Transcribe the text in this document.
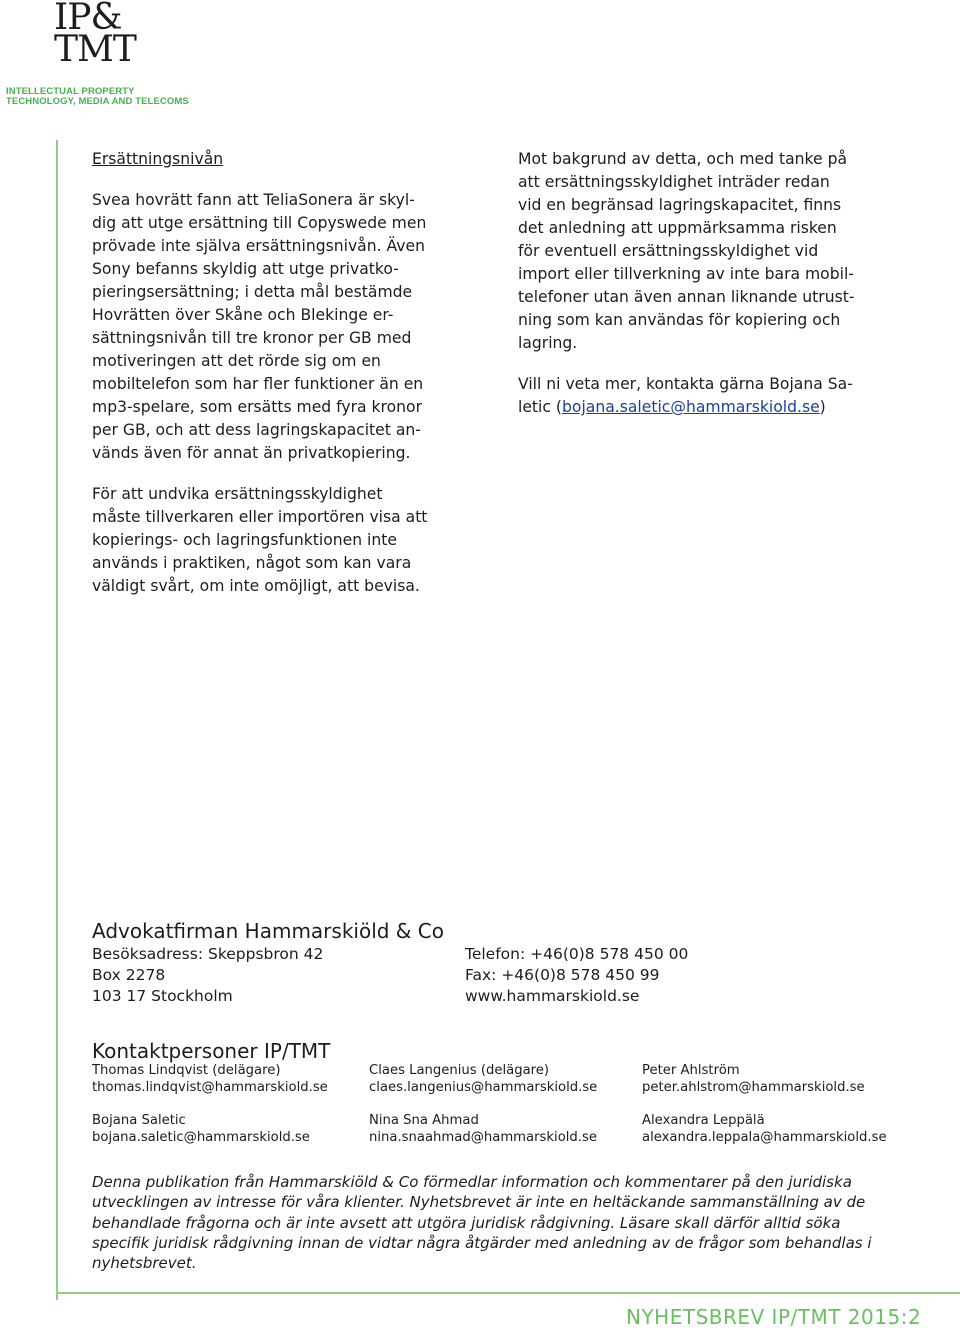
IP&
TMT
INTELLECTUAL PROPERTY
TECHNOLOGY, MEDIA AND TELECOMS

Ersättningsnivån

Svea hovrätt fann att TeliaSonera är skyl-

dig att utge ersättning till Copyswede men

prövade inte själva ersättningsnivån. Även

Sony befanns skyldig att utge privatko-

pieringsersättning; i detta mål bestämde

Hovrätten över Skåne och Blekinge er-

sättningsnivån till tre kronor per GB med

motiveringen att det rörde sig om en

mobiltelefon som har fler funktioner än en

mp3-spelare, som ersätts med fyra kronor

per GB, och att dess lagringskapacitet an-

vänds även för annat än privatkopiering.

För att undvika ersättningsskyldighet

måste tillverkaren eller importören visa att

kopierings- och lagringsfunktionen inte

används i praktiken, något som kan vara

väldigt svårt, om inte omöjligt, att bevisa.

Mot bakgrund av detta, och med tanke på

att ersättningsskyldighet inträder redan

vid en begränsad lagringskapacitet, finns

det anledning att uppmärksamma risken

för eventuell ersättningsskyldighet vid

import eller tillverkning av inte bara mobil-

telefoner utan även annan liknande utrust-

ning som kan användas för kopiering och

lagring.

Vill ni veta mer, kontakta gärna Bojana Sa-

letic (bojana.saletic@hammarskiold.se)

Advokatfirman Hammarskiöld & Co
Besöksadress: Skeppsbron 42
Box 2278
103 17 Stockholm
Telefon: +46(0)8 578 450 00
Fax: +46(0)8 578 450 99
www.hammarskiold.se
Kontaktpersoner IP/TMT
Thomas Lindqvist (delägare)
thomas.lindqvist@hammarskiold.se
Claes Langenius (delägare)
claes.langenius@hammarskiold.se
Peter Ahlström
peter.ahlstrom@hammarskiold.se
Bojana Saletic
bojana.saletic@hammarskiold.se
Nina Sna Ahmad
nina.snaahmad@hammarskiold.se
Alexandra Leppälä
alexandra.leppala@hammarskiold.se
Denna publikation från Hammarskiöld & Co förmedlar information och kommentarer på den juridiska
utvecklingen av intresse för våra klienter. Nyhetsbrevet är inte en heltäckande sammanställning av de
behandlade frågorna och är inte avsett att utgöra juridisk rådgivning. Läsare skall därför alltid söka
specifik juridisk rådgivning innan de vidtar några åtgärder med anledning av de frågor som behandlas i
nyhetsbrevet.
NYHETSBREV IP/TMT 2015:2
